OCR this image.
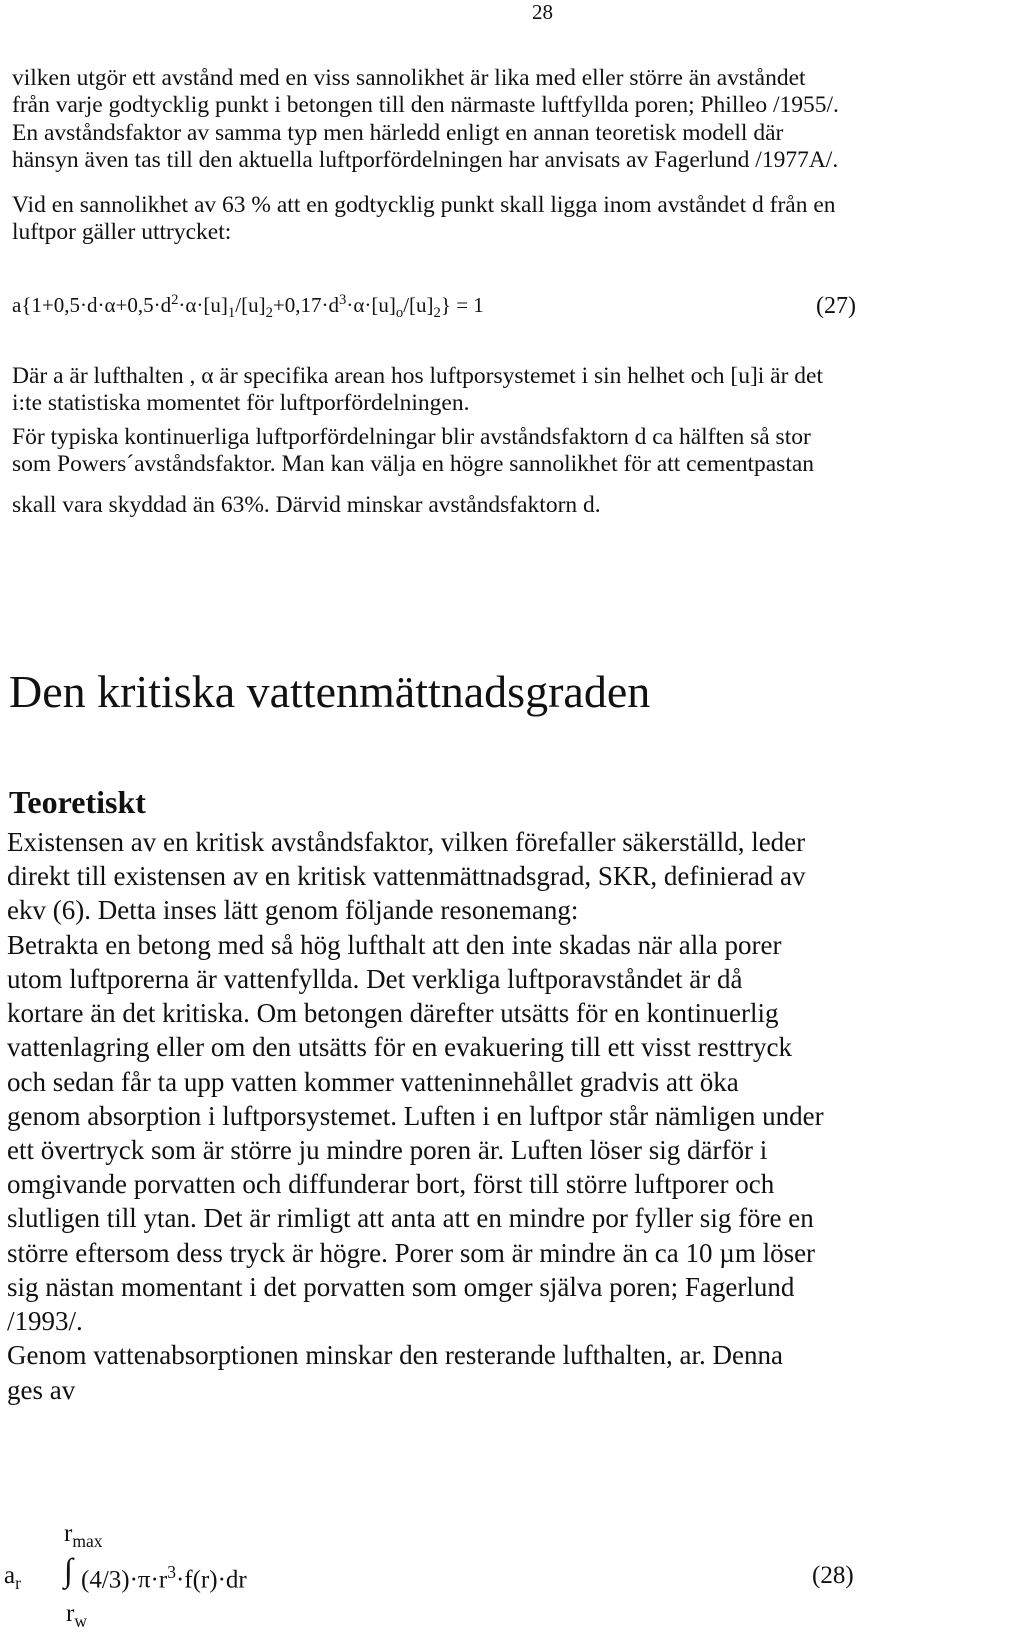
28
vilken utgör ett avstånd med en viss sannolikhet är lika med eller större än avståndet
från varje godtycklig punkt i betongen till den närmaste luftfyllda poren; Philleo /1955/.
En avståndsfaktor av samma typ men härledd enligt en annan teoretisk modell där
hänsyn även tas till den aktuella luftporfördelningen har anvisats av Fagerlund /1977A/.
Vid en sannolikhet av 63 % att en godtycklig punkt skall ligga inom avståndet d från en
luftpor gäller uttrycket:
$a\{1+0,5\cdot d\cdot\alpha+0,5\cdot d^2\cdot\alpha\cdot[u]_1/[u]_2+0,17\cdot d^3\cdot\alpha\cdot[u]_o/[u]_2\} = 1$	(27)
Där a är lufthalten , α är specifika arean hos luftporsystemet i sin helhet och [u]i är det
i:te statistiska momentet för luftporfördelningen.
För typiska kontinuerliga luftporfördelningar blir avståndsfaktorn d ca hälften så stor
som Powers´avståndsfaktor. Man kan välja en högre sannolikhet för att cementpastan
skall vara skyddad än 63%. Därvid minskar avståndsfaktorn d.
Den kritiska vattenmättnadsgraden
Teoretiskt
Existensen av en kritisk avståndsfaktor, vilken förefaller säkerställd, leder
direkt till existensen av en kritisk vattenmättnadsgrad, SKR, definierad av
ekv (6). Detta inses lätt genom följande resonemang:
Betrakta en betong med så hög lufthalt att den inte skadas när alla porer
utom luftporerna är vattenfyllda. Det verkliga luftporavståndet är då
kortare än det kritiska. Om betongen därefter utsätts för en kontinuerlig
vattenlagring eller om den utsätts för en evakuering till ett visst resttryck
och sedan får ta upp vatten kommer vatteninnehållet gradvis att öka
genom absorption i luftporsystemet. Luften i en luftpor står nämligen under
ett övertryck som är större ju mindre poren är. Luften löser sig därför i
omgivande porvatten och diffunderar bort, först till större luftporer och
slutligen till ytan. Det är rimligt att anta att en mindre por fyller sig före en
större eftersom dess tryck är högre. Porer som är mindre än ca 10 µm löser
sig nästan momentant i det porvatten som omger själva poren; Fagerlund
/1993/.
Genom vattenabsorptionen minskar den resterande lufthalten, ar. Denna
ges av
$r_{max}$
$a_r$ ∫ $(4/3)\cdot\pi\cdot r^3\cdot f(r)\cdot dr$
$r_w$
(28)
